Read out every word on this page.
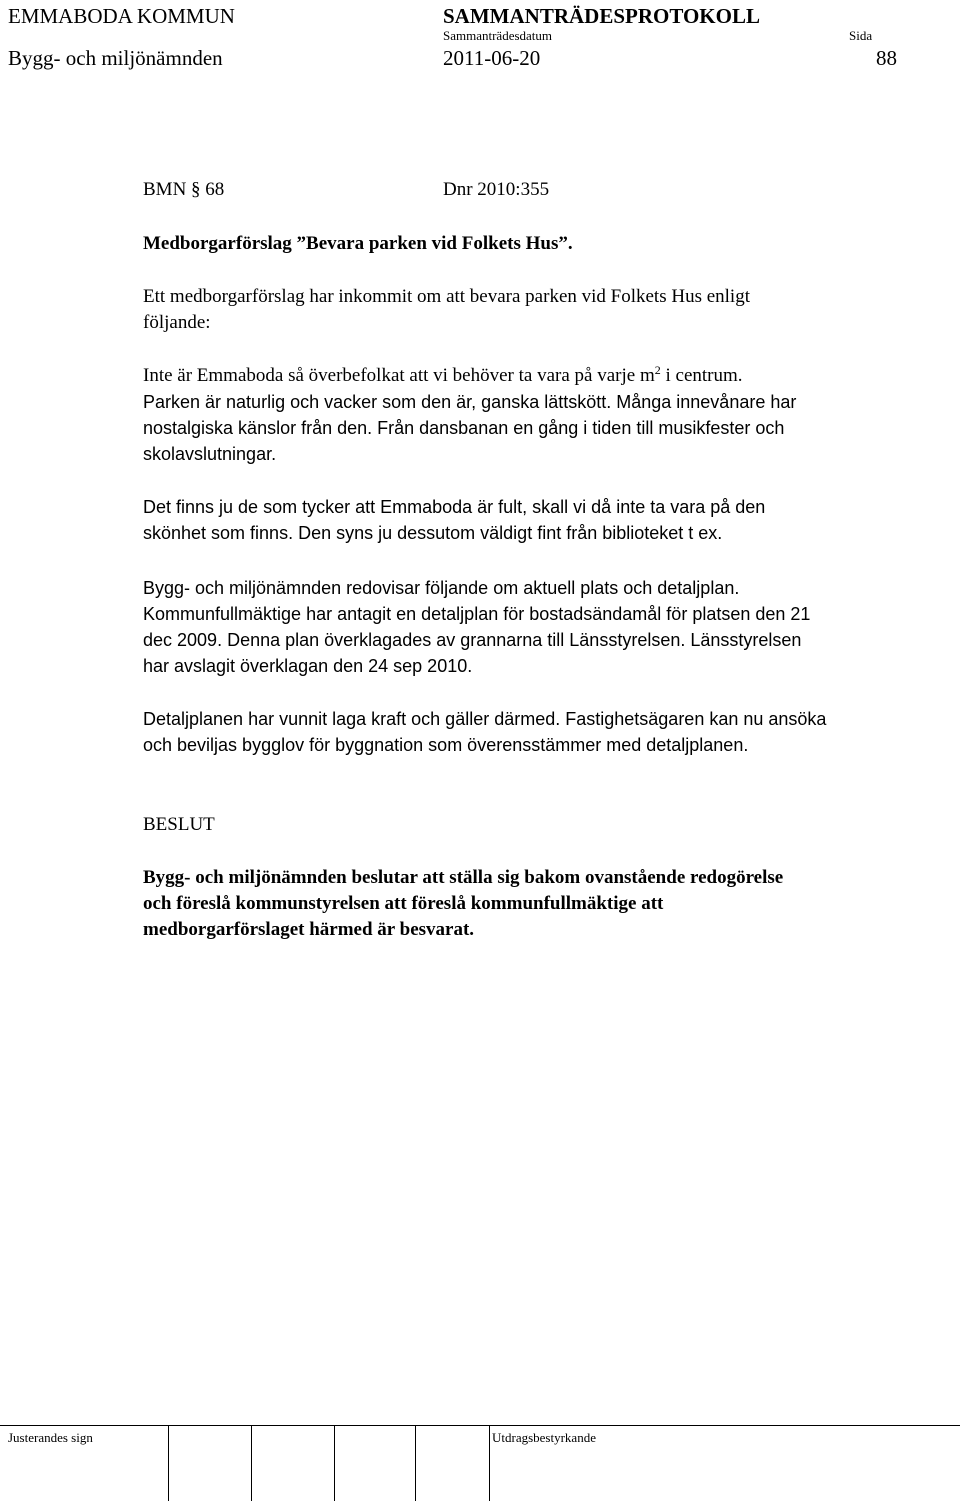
EMMABODA KOMMUN	SAMMANTRÄDESPROTOKOLL
Sammanträdesdatum	Sida
Bygg- och miljönämnden	2011-06-20	88
BMN § 68	Dnr 2010:355
Medborgarförslag ”Bevara parken vid Folkets Hus”.
Ett medborgarförslag har inkommit om att bevara parken vid Folkets Hus enligt
följande:
Inte är Emmaboda så överbefolkat att vi behöver ta vara på varje $m^2$ i centrum.
Parken är naturlig och vacker som den är, ganska lättskött. Många innevånare har
nostalgiska känslor från den. Från dansbanan en gång i tiden till musikfester och
skolavslutningar.
Det finns ju de som tycker att Emmaboda är fult, skall vi då inte ta vara på den
skönhet som finns. Den syns ju dessutom väldigt fint från biblioteket t ex.
Bygg- och miljönämnden redovisar följande om aktuell plats och detaljplan.
Kommunfullmäktige har antagit en detaljplan för bostadsändamål för platsen den 21
dec 2009. Denna plan överklagades av grannarna till Länsstyrelsen. Länsstyrelsen
har avslagit överklagan den 24 sep 2010.
Detaljplanen har vunnit laga kraft och gäller därmed. Fastighetsägaren kan nu ansöka
och beviljas bygglov för byggnation som överensstämmer med detaljplanen.
BESLUT
Bygg- och miljönämnden beslutar att ställa sig bakom ovanstående redogörelse
och föreslå kommunstyrelsen att föreslå kommunfullmäktige att
medborgarförslaget härmed är besvarat.
Justerandes sign	Utdragsbestyrkande
